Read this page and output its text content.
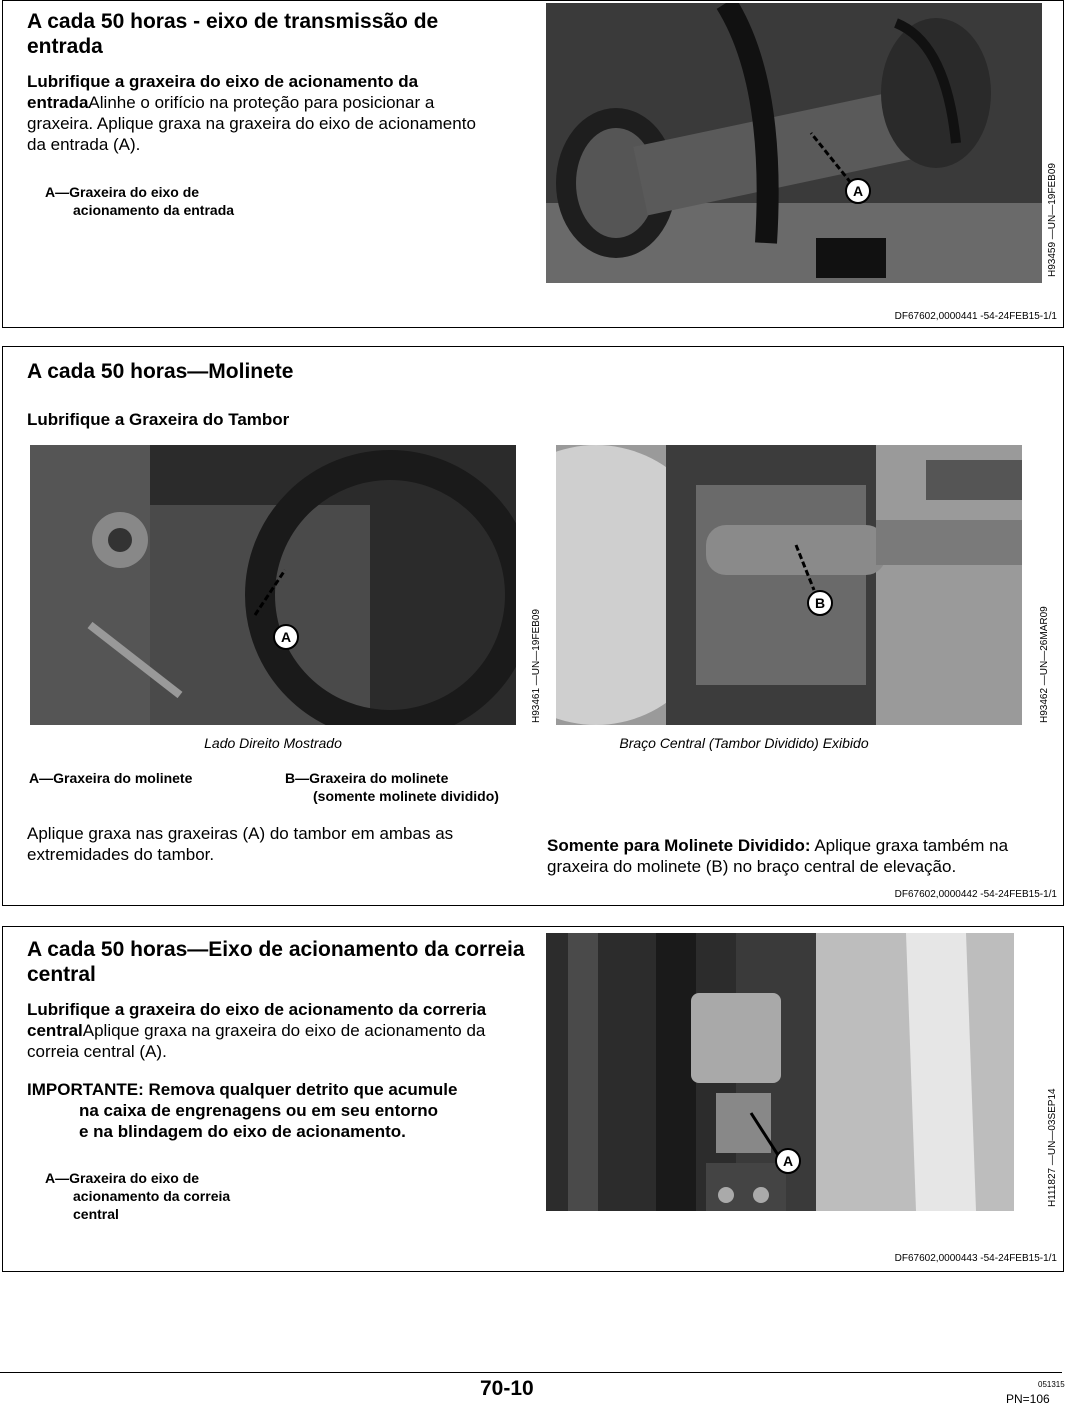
A cada 50 horas - eixo de transmissão de entrada
Lubrifique a graxeira do eixo de acionamento da entradaAlinhe o orifício na proteção para posicionar a graxeira. Aplique graxa na graxeira do eixo de acionamento da entrada (A).
A—Graxeira do eixo de
acionamento da entrada
A	H93459 —UN—19FEB09
DF67602,0000441 -54-24FEB15-1/1
A cada 50 horas—Molinete
Lubrifique a Graxeira do Tambor
A	H93461 —UN—19FEB09
Lado Direito Mostrado
B
H93462 —UN—26MAR09
Braço Central (Tambor Dividido) Exibido
A—Graxeira do molinete	B—Graxeira do molinete
(somente molinete dividido)
Aplique graxa nas graxeiras (A) do tambor em ambas as extremidades do tambor.	Somente para Molinete Dividido: Aplique graxa também na graxeira do molinete (B) no braço central de elevação.
DF67602,0000442 -54-24FEB15-1/1
A cada 50 horas—Eixo de acionamento da correia central
Lubrifique a graxeira do eixo de acionamento da correria centralAplique graxa na graxeira do eixo de acionamento da correia central (A).
IMPORTANTE: Remova qualquer detrito que acumule
na caixa de engrenagens ou em seu entorno
e na blindagem do eixo de acionamento.
A—Graxeira do eixo de
acionamento da correia
central
A	H111827 —UN—03SEP14
DF67602,0000443 -54-24FEB15-1/1
70-10	051315
PN=106
